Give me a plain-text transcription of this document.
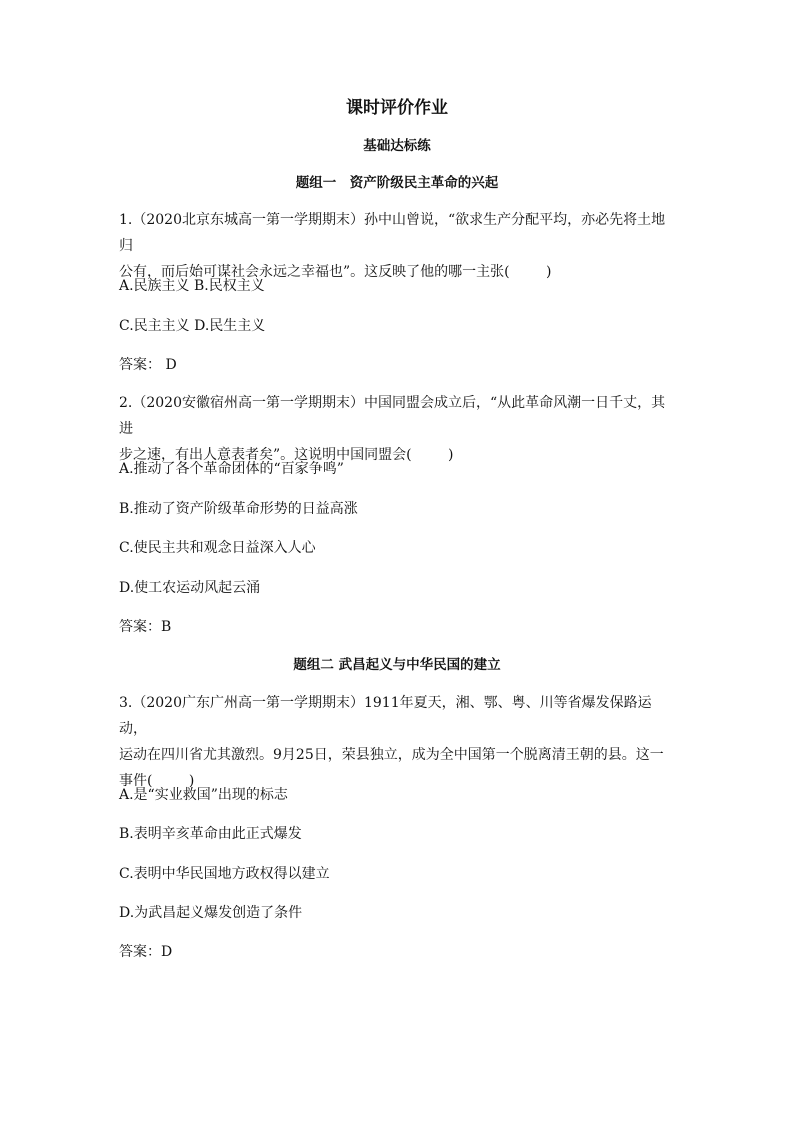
课时评价作业
基础达标练
题组一　资产阶级民主革命的兴起
1.（2020北京东城高一第一学期期末）孙中山曾说，“欲求生产分配平均，亦必先将土地归
公有，而后始可谋社会永远之幸福也”。这反映了他的哪一主张(	)
A.民族主义 B.民权主义
C.民主主义 D.民生主义
答案： D
2.（2020安徽宿州高一第一学期期末）中国同盟会成立后，“从此革命风潮一日千丈，其进
步之速，有出人意表者矣”。这说明中国同盟会(	)
A.推动了各个革命团体的“百家争鸣”
B.推动了资产阶级革命形势的日益高涨
C.使民主共和观念日益深入人心
D.使工农运动风起云涌
答案：B
题组二 武昌起义与中华民国的建立
3.（2020广东广州高一第一学期期末）1911年夏天，湘、鄂、粤、川等省爆发保路运动，
运动在四川省尤其激烈。9月25日，荣县独立，成为全中国第一个脱离清王朝的县。这一
事件(	)
A.是“实业救国”出现的标志
B.表明辛亥革命由此正式爆发
C.表明中华民国地方政权得以建立
D.为武昌起义爆发创造了条件
答案：D
